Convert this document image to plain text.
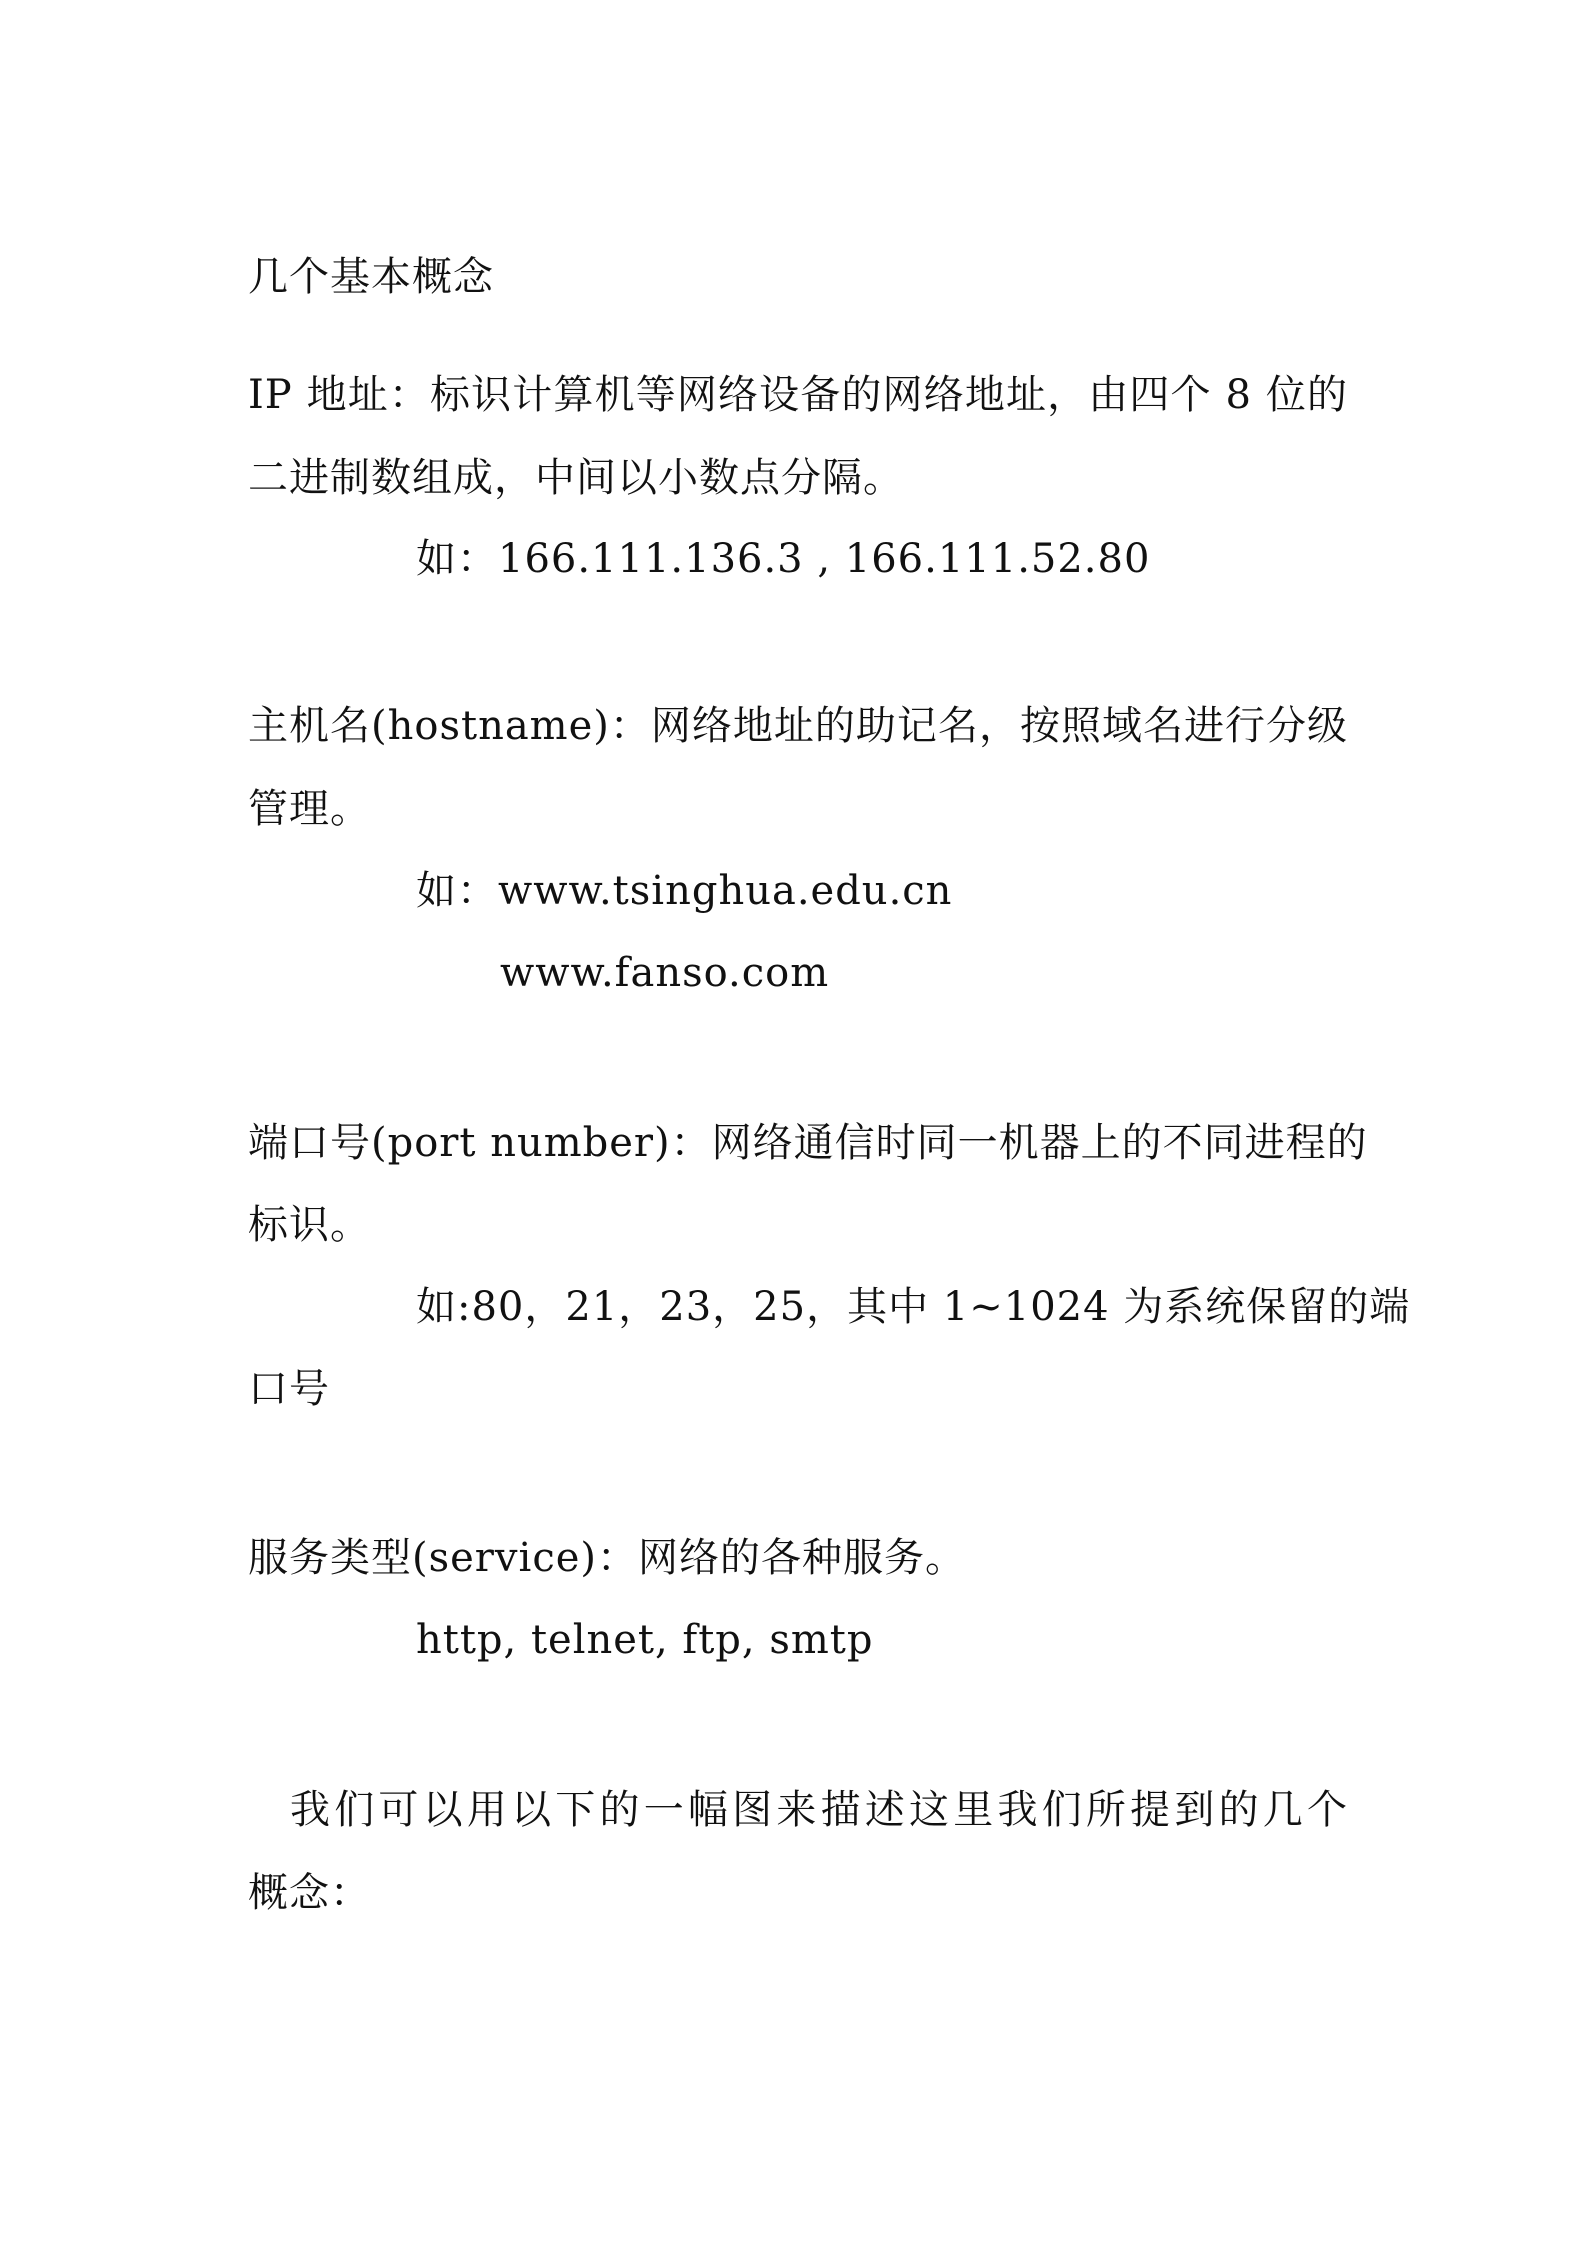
几个基本概念
IP 地址：标识计算机等网络设备的网络地址，由四个 8 位的
二进制数组成，中间以小数点分隔。
如：166.111.136.3 , 166.111.52.80
主机名(hostname)：网络地址的助记名，按照域名进行分级
管理。
如：www.tsinghua.edu.cn
www.fanso.com
端口号(port number)：网络通信时同一机器上的不同进程的
标识。
如:80，21，23，25，其中 1~1024 为系统保留的端
口号
服务类型(service)：网络的各种服务。
http, telnet, ftp, smtp
我们可以用以下的一幅图来描述这里我们所提到的几个
概念：
